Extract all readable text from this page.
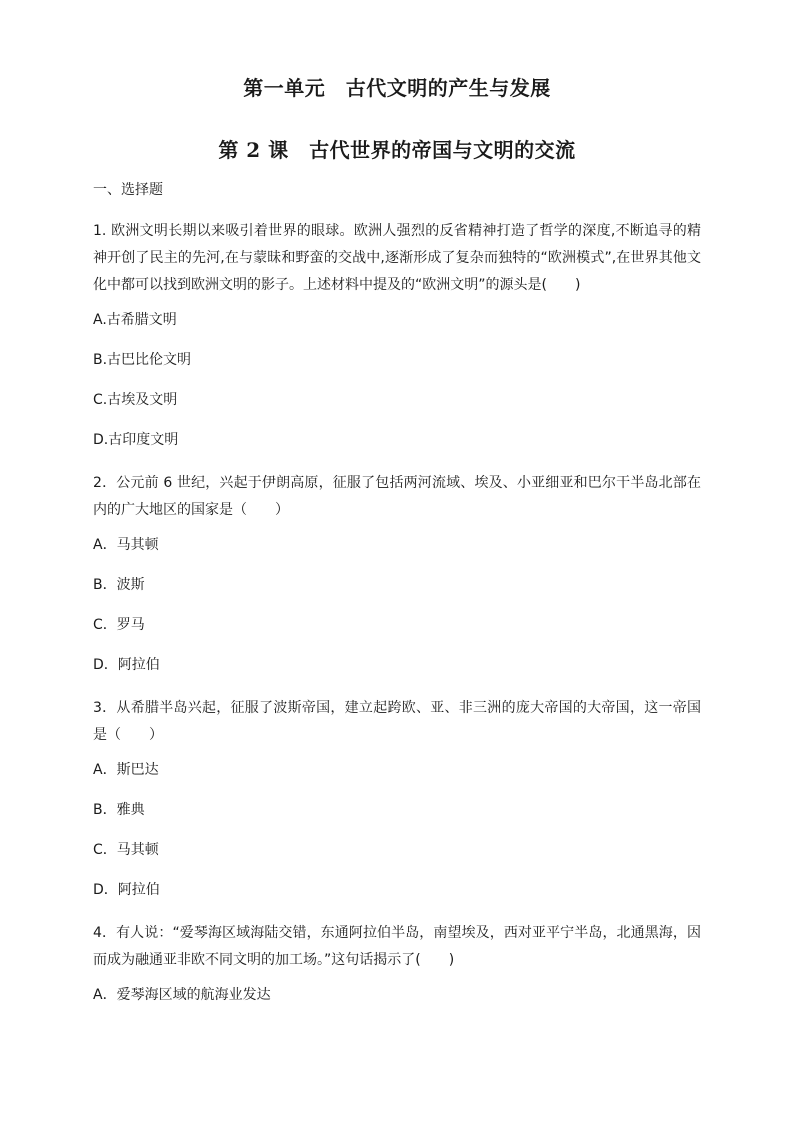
第一单元　古代文明的产生与发展
第 2 课　古代世界的帝国与文明的交流
一、选择题
1. 欧洲文明长期以来吸引着世界的眼球。欧洲人强烈的反省精神打造了哲学的深度,不断追寻的精神开创了民主的先河,在与蒙昧和野蛮的交战中,逐渐形成了复杂而独特的“欧洲模式”,在世界其他文化中都可以找到欧洲文明的影子。上述材料中提及的“欧洲文明”的源头是(　　)
A.古希腊文明
B.古巴比伦文明
C.古埃及文明
D.古印度文明
2．公元前 6 世纪，兴起于伊朗高原，征服了包括两河流域、埃及、小亚细亚和巴尔干半岛北部在内的广大地区的国家是（　　）
A．马其顿
B．波斯
C．罗马
D．阿拉伯
3．从希腊半岛兴起，征服了波斯帝国，建立起跨欧、亚、非三洲的庞大帝国的大帝国，这一帝国是（　　）
A．斯巴达
B．雅典
C．马其顿
D．阿拉伯
4．有人说：“爱琴海区域海陆交错，东通阿拉伯半岛，南望埃及，西对亚平宁半岛，北通黑海，因而成为融通亚非欧不同文明的加工场。”这句话揭示了(　　)
A．爱琴海区域的航海业发达
